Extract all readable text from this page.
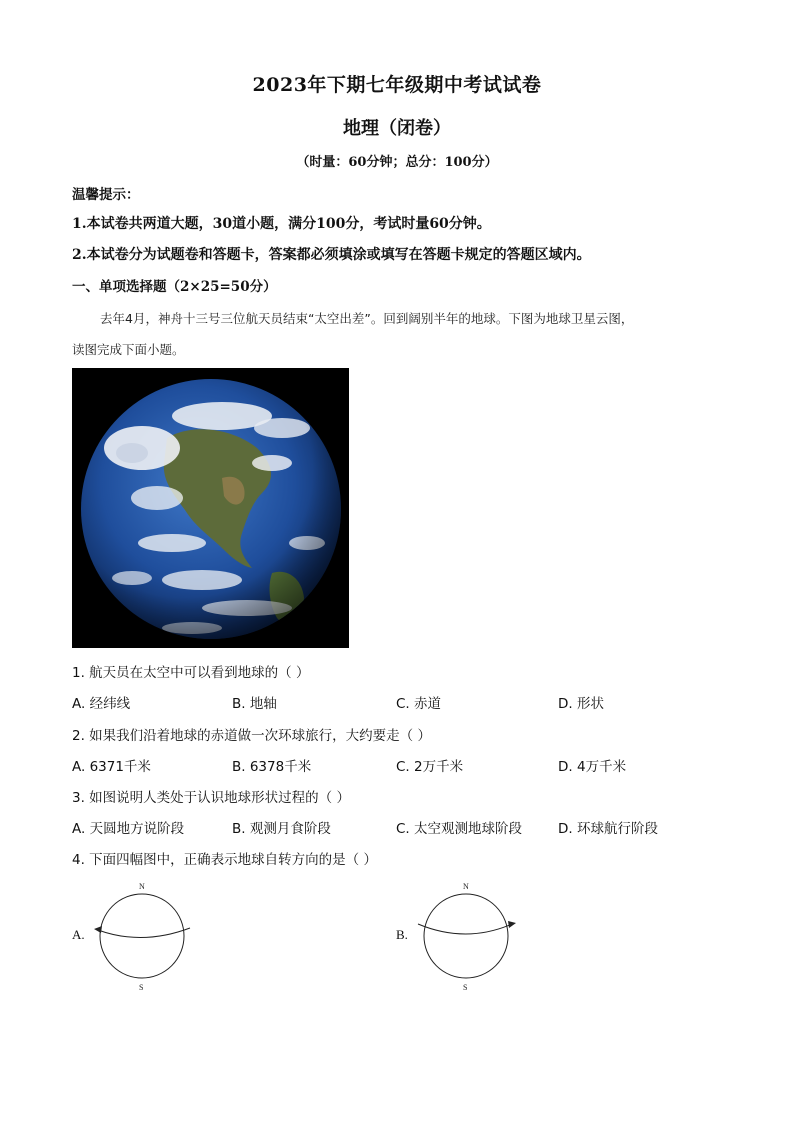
2023年下期七年级期中考试试卷
地理（闭卷）
（时量：60分钟；总分：100分）
温馨提示：
1.本试卷共两道大题，30道小题，满分100分，考试时量60分钟。
2.本试卷分为试题卷和答题卡，答案都必须填涂或填写在答题卡规定的答题区域内。
一、单项选择题（2×25=50分）
去年4月，神舟十三号三位航天员结束“太空出差”。回到阔别半年的地球。下图为地球卫星云图，
读图完成下面小题。
1. 航天员在太空中可以看到地球的（ ）
A. 经纬线	B. 地轴	C. 赤道	D. 形状
2. 如果我们沿着地球的赤道做一次环球旅行，大约要走（ ）
A. 6371千米	B. 6378千米	C. 2万千米	D. 4万千米
3. 如图说明人类处于认识地球形状过程的（ ）
A. 天圆地方说阶段	B. 观测月食阶段	C. 太空观测地球阶段	D. 环球航行阶段
4. 下面四幅图中，正确表示地球自转方向的是（ ）
A.
N
S
B.
N
S
